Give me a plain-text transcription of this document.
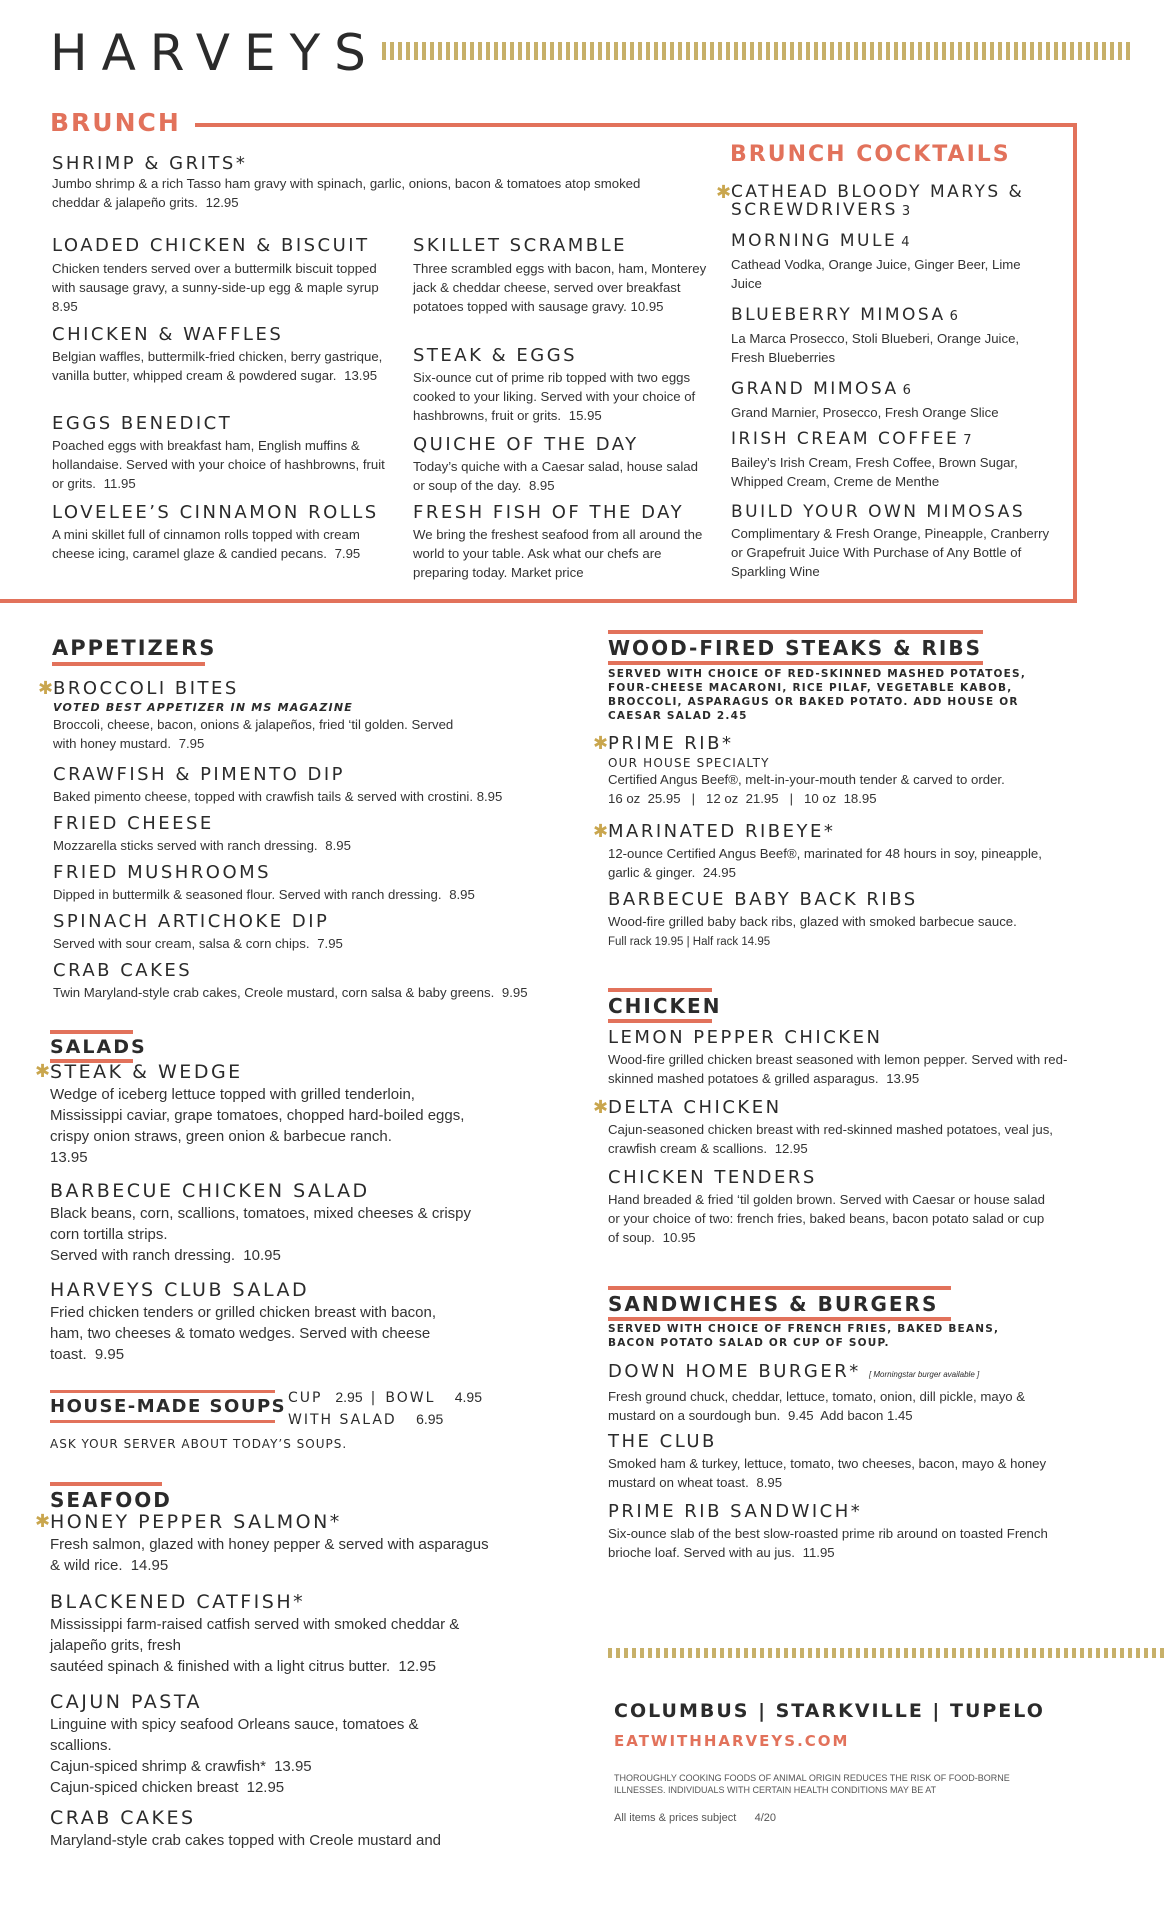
HARVEYS
BRUNCH
SHRIMP & GRITS*
Jumbo shrimp & a rich Tasso ham gravy with spinach, garlic, onions, bacon & tomatoes atop smoked cheddar & jalapeño grits. 12.95
LOADED CHICKEN & BISCUIT
Chicken tenders served over a buttermilk biscuit topped with sausage gravy, a sunny-side-up egg & maple syrup
8.95
CHICKEN & WAFFLES
Belgian waffles, buttermilk-fried chicken, berry gastrique, vanilla butter, whipped cream & powdered sugar. 13.95
EGGS BENEDICT
Poached eggs with breakfast ham, English muffins & hollandaise. Served with your choice of hashbrowns, fruit or grits. 11.95
LOVELEE’S CINNAMON ROLLS
A mini skillet full of cinnamon rolls topped with cream cheese icing, caramel glaze & candied pecans. 7.95
SKILLET SCRAMBLE
Three scrambled eggs with bacon, ham, Monterey jack & cheddar cheese, served over breakfast potatoes topped with sausage gravy. 10.95
STEAK & EGGS
Six-ounce cut of prime rib topped with two eggs cooked to your liking. Served with your choice of hashbrowns, fruit or grits. 15.95
QUICHE OF THE DAY
Today’s quiche with a Caesar salad, house salad or soup of the day. 8.95
FRESH FISH OF THE DAY
We bring the freshest seafood from all around the world to your table. Ask what our chefs are preparing today. Market price
BRUNCH COCKTAILS
✱ CATHEAD BLOODY MARYS & SCREWDRIVERS 3
MORNING MULE 4
Cathead Vodka, Orange Juice, Ginger Beer, Lime Juice
BLUEBERRY MIMOSA 6
La Marca Prosecco, Stoli Blueberi, Orange Juice, Fresh Blueberries
GRAND MIMOSA 6
Grand Marnier, Prosecco, Fresh Orange Slice
IRISH CREAM COFFEE 7
Bailey’s Irish Cream, Fresh Coffee, Brown Sugar, Whipped Cream, Creme de Menthe
BUILD YOUR OWN MIMOSAS
Complimentary & Fresh Orange, Pineapple, Cranberry or Grapefruit Juice With Purchase of Any Bottle of Sparkling Wine
APPETIZERS
✱ BROCCOLI BITES
VOTED BEST APPETIZER IN MS MAGAZINE
Broccoli, cheese, bacon, onions & jalapeños, fried ‘til golden. Served with honey mustard. 7.95
CRAWFISH & PIMENTO DIP
Baked pimento cheese, topped with crawfish tails & served with crostini. 8.95
FRIED CHEESE
Mozzarella sticks served with ranch dressing. 8.95
FRIED MUSHROOMS
Dipped in buttermilk & seasoned flour. Served with ranch dressing. 8.95
SPINACH ARTICHOKE DIP
Served with sour cream, salsa & corn chips. 7.95
CRAB CAKES
Twin Maryland-style crab cakes, Creole mustard, corn salsa & baby greens. 9.95
SALADS
✱ STEAK & WEDGE
Wedge of iceberg lettuce topped with grilled tenderloin, Mississippi caviar, grape tomatoes, chopped hard-boiled eggs, crispy onion straws, green onion & barbecue ranch.
13.95
BARBECUE CHICKEN SALAD
Black beans, corn, scallions, tomatoes, mixed cheeses & crispy corn tortilla strips.
Served with ranch dressing. 10.95
HARVEYS CLUB SALAD
Fried chicken tenders or grilled chicken breast with bacon, ham, two cheeses & tomato wedges. Served with cheese toast. 9.95
HOUSE-MADE SOUPS CUP 2.95 | BOWL 4.95
WITH SALAD 6.95
ASK YOUR SERVER ABOUT TODAY’S SOUPS.
SEAFOOD
✱ HONEY PEPPER SALMON*
Fresh salmon, glazed with honey pepper & served with asparagus & wild rice. 14.95
BLACKENED CATFISH*
Mississippi farm-raised catfish served with smoked cheddar & jalapeño grits, fresh
sautéed spinach & finished with a light citrus butter. 12.95
CAJUN PASTA
Linguine with spicy seafood Orleans sauce, tomatoes & scallions.
Cajun-spiced shrimp & crawfish* 13.95
Cajun-spiced chicken breast 12.95
CRAB CAKES
Maryland-style crab cakes topped with Creole mustard and
WOOD-FIRED STEAKS & RIBS
SERVED WITH CHOICE OF RED-SKINNED MASHED POTATOES, FOUR-CHEESE MACARONI, RICE PILAF, VEGETABLE KABOB, BROCCOLI, ASPARAGUS OR BAKED POTATO. ADD HOUSE OR CAESAR SALAD 2.45
✱ PRIME RIB*
OUR HOUSE SPECIALTY
Certified Angus Beef®, melt-in-your-mouth tender & carved to order.
16 oz  25.95   |   12 oz  21.95   |   10 oz  18.95
✱ MARINATED RIBEYE*
12-ounce Certified Angus Beef®, marinated for 48 hours in soy, pineapple, garlic & ginger. 24.95
BARBECUE BABY BACK RIBS
Wood-fire grilled baby back ribs, glazed with smoked barbecue sauce. Full rack 19.95 | Half rack 14.95
CHICKEN
LEMON PEPPER CHICKEN
Wood-fire grilled chicken breast seasoned with lemon pepper. Served with red-skinned mashed potatoes & grilled asparagus. 13.95
✱ DELTA CHICKEN
Cajun-seasoned chicken breast with red-skinned mashed potatoes, veal jus, crawfish cream & scallions. 12.95
CHICKEN TENDERS
Hand breaded & fried ‘til golden brown. Served with Caesar or house salad or your choice of two: french fries, baked beans, bacon potato salad or cup of soup. 10.95
SANDWICHES & BURGERS
SERVED WITH CHOICE OF FRENCH FRIES, BAKED BEANS, BACON POTATO SALAD OR CUP OF SOUP.
DOWN HOME BURGER* [ Morningstar burger available ]
Fresh ground chuck, cheddar, lettuce, tomato, onion, dill pickle, mayo & mustard on a sourdough bun. 9.45 Add bacon 1.45
THE CLUB
Smoked ham & turkey, lettuce, tomato, two cheeses, bacon, mayo & honey mustard on wheat toast. 8.95
PRIME RIB SANDWICH*
Six-ounce slab of the best slow-roasted prime rib around on toasted French brioche loaf. Served with au jus. 11.95
COLUMBUS | STARKVILLE | TUPELO
EATWITHHARVEYS.COM
THOROUGHLY COOKING FOODS OF ANIMAL ORIGIN REDUCES THE RISK OF FOOD-BORNE ILLNESSES. INDIVIDUALS WITH CERTAIN HEALTH CONDITIONS MAY BE AT
All items & prices subject 4/20
